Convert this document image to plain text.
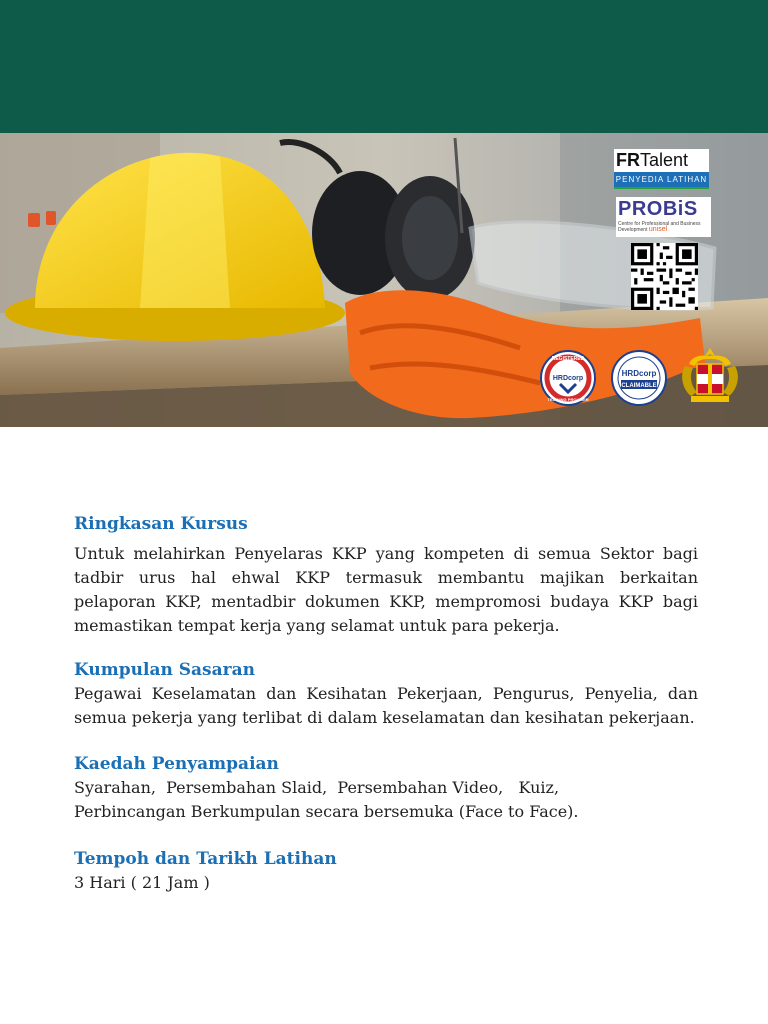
FRTalent
PENYEDIA LATIHAN
PROBiS
Centre for Professional and Business Development unisel
REGISTERED
HRDcorp
TRAINING PROVIDER
HRDcorp
CLAIMABLE
Ringkasan Kursus

Untuk melahirkan Penyelaras KKP yang kompeten di semua Sektor bagi tadbir urus hal ehwal KKP termasuk membantu majikan berkaitan pelaporan KKP, mentadbir dokumen KKP, mempromosi budaya KKP bagi memastikan tempat kerja yang selamat untuk para pekerja.

Kumpulan Sasaran

Pegawai Keselamatan dan Kesihatan Pekerjaan, Pengurus, Penyelia, dan semua pekerja yang terlibat di dalam keselamatan dan kesihatan pekerjaan.

Kaedah Penyampaian

Syarahan,  Persembahan Slaid,  Persembahan Video,   Kuiz,

Perbincangan Berkumpulan secara bersemuka (Face to Face).

Tempoh dan Tarikh Latihan

3 Hari ( 21 Jam )
